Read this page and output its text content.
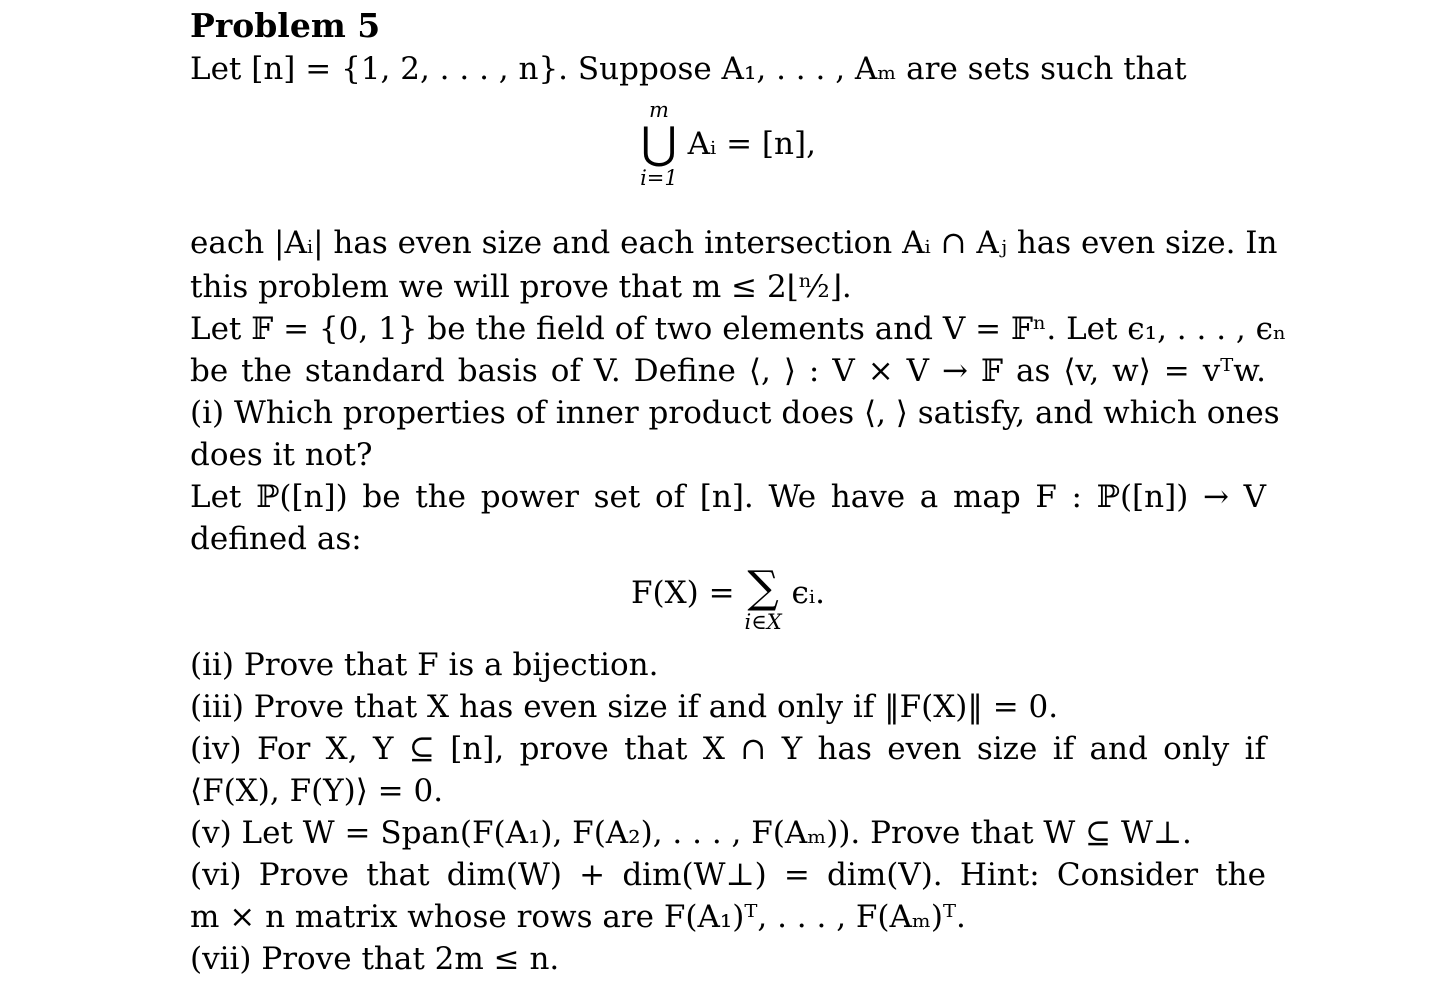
Problem 5
Let [n] = {1, 2, . . . , n}. Suppose A₁, . . . , Aₘ are sets such that
m
⋃
i=1
Aᵢ = [n],
each |Aᵢ| has even size and each intersection Aᵢ ∩ Aⱼ has even size. In
this problem we will prove that m ≤ 2⌊ⁿ⁄₂⌋.
Let 𝔽 = {0, 1} be the field of two elements and V = 𝔽ⁿ. Let ϵ₁, . . . , ϵₙ
be the standard basis of V. Define ⟨, ⟩ : V × V → 𝔽 as ⟨v, w⟩ = vᵀw.
(i) Which properties of inner product does ⟨, ⟩ satisfy, and which ones
does it not?
Let ℙ([n]) be the power set of [n]. We have a map F : ℙ([n]) → V
defined as:
F(X) = ∑
i∈X
ϵᵢ.
(ii) Prove that F is a bijection.
(iii) Prove that X has even size if and only if ‖F(X)‖ = 0.
(iv) For X, Y ⊆ [n], prove that X ∩ Y has even size if and only if
⟨F(X), F(Y)⟩ = 0.
(v) Let W = Span(F(A₁), F(A₂), . . . , F(Aₘ)). Prove that W ⊆ W⊥.
(vi) Prove that dim(W) + dim(W⊥) = dim(V). Hint: Consider the
m × n matrix whose rows are F(A₁)ᵀ, . . . , F(Aₘ)ᵀ.
(vii) Prove that 2m ≤ n.
